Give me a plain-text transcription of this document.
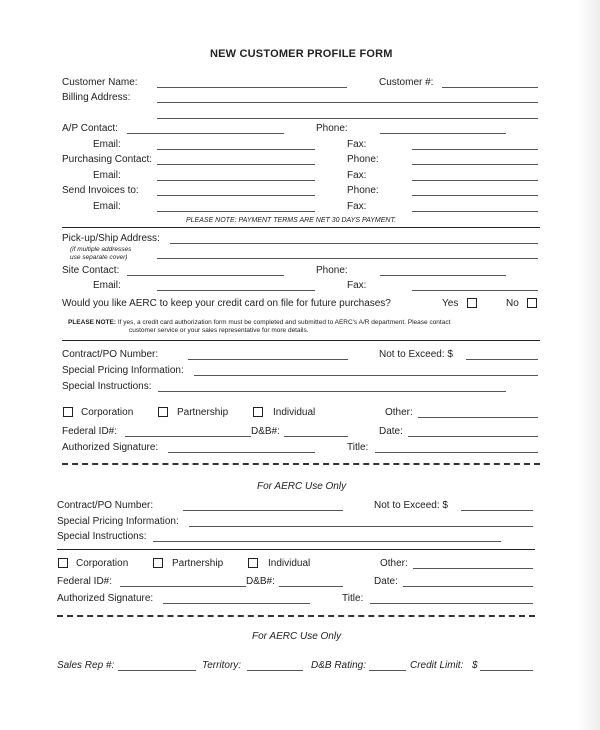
NEW CUSTOMER PROFILE FORM
Customer Name:	Customer #:
Billing Address:
A/P Contact:	Phone:
Email:	Fax:
Purchasing Contact:	Phone:
Email:	Fax:
Send Invoices to:	Phone:
Email:	Fax:
PLEASE NOTE: PAYMENT TERMS ARE NET 30 DAYS PAYMENT.
Pick-up/Ship Address:
(if multiple addresses
use separate cover)
Site Contact:	Phone:
Email:	Fax:
Would you like AERC to keep your credit card on file for future purchases?	Yes	No
PLEASE NOTE: If yes, a credit card authorization form must be completed and submitted to AERC's A/R department. Please contact
customer service or your sales representative for more details.
Contract/PO Number:	Not to Exceed: $
Special Pricing Information:
Special Instructions:
Corporation	Partnership	Individual	Other:
Federal ID#:	D&B#:	Date:
Authorized Signature:	Title:
For AERC Use Only
Contract/PO Number:	Not to Exceed: $
Special Pricing Information:
Special Instructions:
Corporation	Partnership	Individual	Other:
Federal ID#:	D&B#:	Date:
Authorized Signature:	Title:
For AERC Use Only
Sales Rep #:	Territory:	D&B Rating:	Credit Limit: $
